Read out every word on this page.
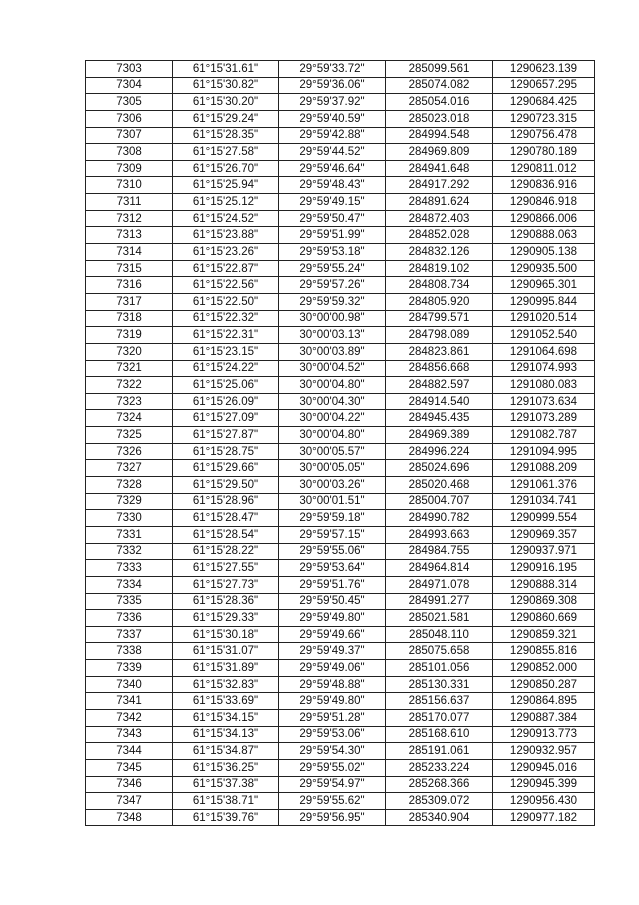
7303	61°15'31.61"	29°59'33.72"	285099.561	1290623.139
7304	61°15'30.82"	29°59'36.06"	285074.082	1290657.295
7305	61°15'30.20"	29°59'37.92"	285054.016	1290684.425
7306	61°15'29.24"	29°59'40.59"	285023.018	1290723.315
7307	61°15'28.35"	29°59'42.88"	284994.548	1290756.478
7308	61°15'27.58"	29°59'44.52"	284969.809	1290780.189
7309	61°15'26.70"	29°59'46.64"	284941.648	1290811.012
7310	61°15'25.94"	29°59'48.43"	284917.292	1290836.916
7311	61°15'25.12"	29°59'49.15"	284891.624	1290846.918
7312	61°15'24.52"	29°59'50.47"	284872.403	1290866.006
7313	61°15'23.88"	29°59'51.99"	284852.028	1290888.063
7314	61°15'23.26"	29°59'53.18"	284832.126	1290905.138
7315	61°15'22.87"	29°59'55.24"	284819.102	1290935.500
7316	61°15'22.56"	29°59'57.26"	284808.734	1290965.301
7317	61°15'22.50"	29°59'59.32"	284805.920	1290995.844
7318	61°15'22.32"	30°00'00.98"	284799.571	1291020.514
7319	61°15'22.31"	30°00'03.13"	284798.089	1291052.540
7320	61°15'23.15"	30°00'03.89"	284823.861	1291064.698
7321	61°15'24.22"	30°00'04.52"	284856.668	1291074.993
7322	61°15'25.06"	30°00'04.80"	284882.597	1291080.083
7323	61°15'26.09"	30°00'04.30"	284914.540	1291073.634
7324	61°15'27.09"	30°00'04.22"	284945.435	1291073.289
7325	61°15'27.87"	30°00'04.80"	284969.389	1291082.787
7326	61°15'28.75"	30°00'05.57"	284996.224	1291094.995
7327	61°15'29.66"	30°00'05.05"	285024.696	1291088.209
7328	61°15'29.50"	30°00'03.26"	285020.468	1291061.376
7329	61°15'28.96"	30°00'01.51"	285004.707	1291034.741
7330	61°15'28.47"	29°59'59.18"	284990.782	1290999.554
7331	61°15'28.54"	29°59'57.15"	284993.663	1290969.357
7332	61°15'28.22"	29°59'55.06"	284984.755	1290937.971
7333	61°15'27.55"	29°59'53.64"	284964.814	1290916.195
7334	61°15'27.73"	29°59'51.76"	284971.078	1290888.314
7335	61°15'28.36"	29°59'50.45"	284991.277	1290869.308
7336	61°15'29.33"	29°59'49.80"	285021.581	1290860.669
7337	61°15'30.18"	29°59'49.66"	285048.110	1290859.321
7338	61°15'31.07"	29°59'49.37"	285075.658	1290855.816
7339	61°15'31.89"	29°59'49.06"	285101.056	1290852.000
7340	61°15'32.83"	29°59'48.88"	285130.331	1290850.287
7341	61°15'33.69"	29°59'49.80"	285156.637	1290864.895
7342	61°15'34.15"	29°59'51.28"	285170.077	1290887.384
7343	61°15'34.13"	29°59'53.06"	285168.610	1290913.773
7344	61°15'34.87"	29°59'54.30"	285191.061	1290932.957
7345	61°15'36.25"	29°59'55.02"	285233.224	1290945.016
7346	61°15'37.38"	29°59'54.97"	285268.366	1290945.399
7347	61°15'38.71"	29°59'55.62"	285309.072	1290956.430
7348	61°15'39.76"	29°59'56.95"	285340.904	1290977.182
